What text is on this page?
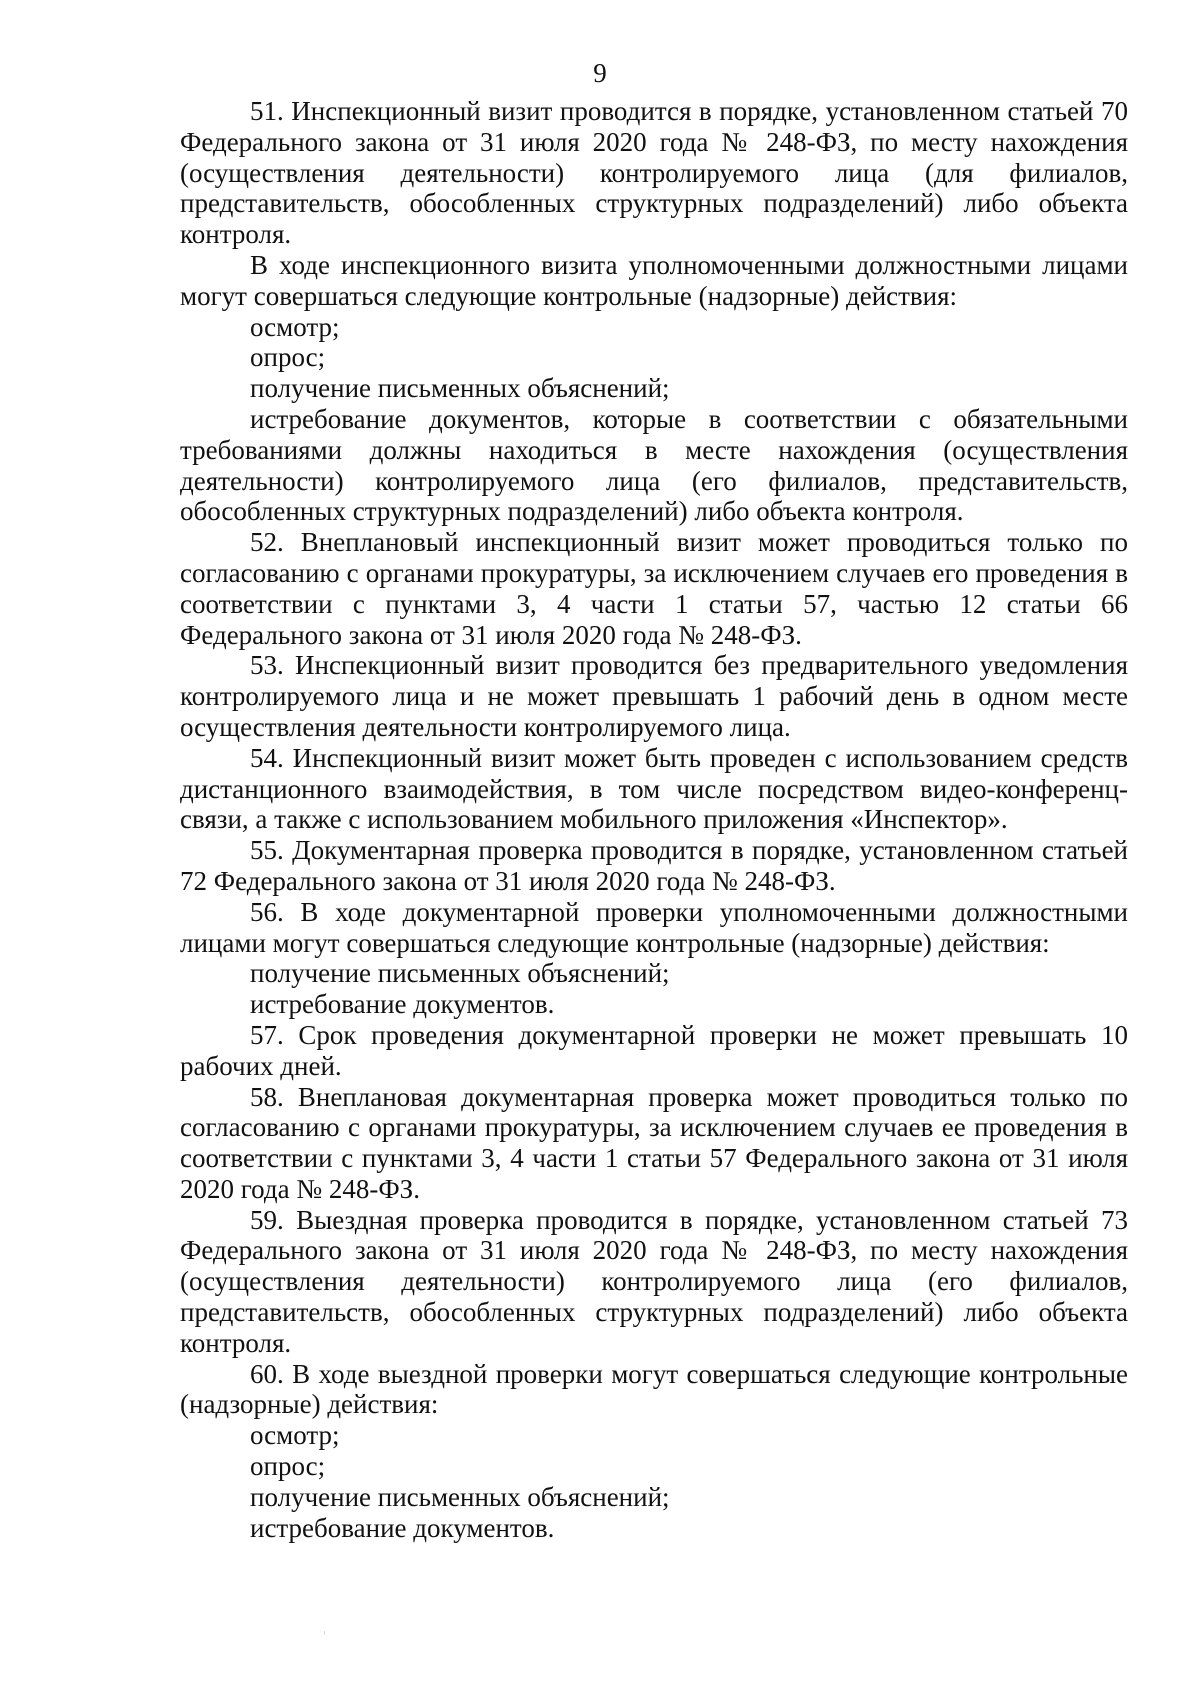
9

51. Инспекционный визит проводится в порядке, установленном статьей 70 Федерального закона от 31 июля 2020 года № 248-ФЗ, по месту нахождения (осуществления деятельности) контролируемого лица (для филиалов, представительств, обособленных структурных подразделений) либо объекта контроля.

В ходе инспекционного визита уполномоченными должностными лицами могут совершаться следующие контрольные (надзорные) действия:

осмотр;

опрос;

получение письменных объяснений;

истребование документов, которые в соответствии с обязательными требованиями должны находиться в месте нахождения (осуществления деятельности) контролируемого лица (его филиалов, представительств, обособленных структурных подразделений) либо объекта контроля.

52. Внеплановый инспекционный визит может проводиться только по согласованию с органами прокуратуры, за исключением случаев его проведения в соответствии с пунктами 3, 4 части 1 статьи 57, частью 12 статьи 66 Федерального закона от 31 июля 2020 года № 248-ФЗ.

53. Инспекционный визит проводится без предварительного уведомления контролируемого лица и не может превышать 1 рабочий день в одном месте осуществления деятельности контролируемого лица.

54. Инспекционный визит может быть проведен с использованием средств дистанционного взаимодействия, в том числе посредством видео-конференц-связи, а также с использованием мобильного приложения «Инспектор».

55. Документарная проверка проводится в порядке, установленном статьей 72 Федерального закона от 31 июля 2020 года № 248-ФЗ.

56. В ходе документарной проверки уполномоченными должностными лицами могут совершаться следующие контрольные (надзорные) действия:

получение письменных объяснений;

истребование документов.

57. Срок проведения документарной проверки не может превышать 10 рабочих дней.

58. Внеплановая документарная проверка может проводиться только по согласованию с органами прокуратуры, за исключением случаев ее проведения в соответствии с пунктами 3, 4 части 1 статьи 57 Федерального закона от 31 июля 2020 года № 248-ФЗ.

59. Выездная проверка проводится в порядке, установленном статьей 73 Федерального закона от 31 июля 2020 года № 248-ФЗ, по месту нахождения (осуществления деятельности) контролируемого лица (его филиалов, представительств, обособленных структурных подразделений) либо объекта контроля.

60. В ходе выездной проверки могут совершаться следующие контрольные (надзорные) действия:

осмотр;

опрос;

получение письменных объяснений;

истребование документов.
